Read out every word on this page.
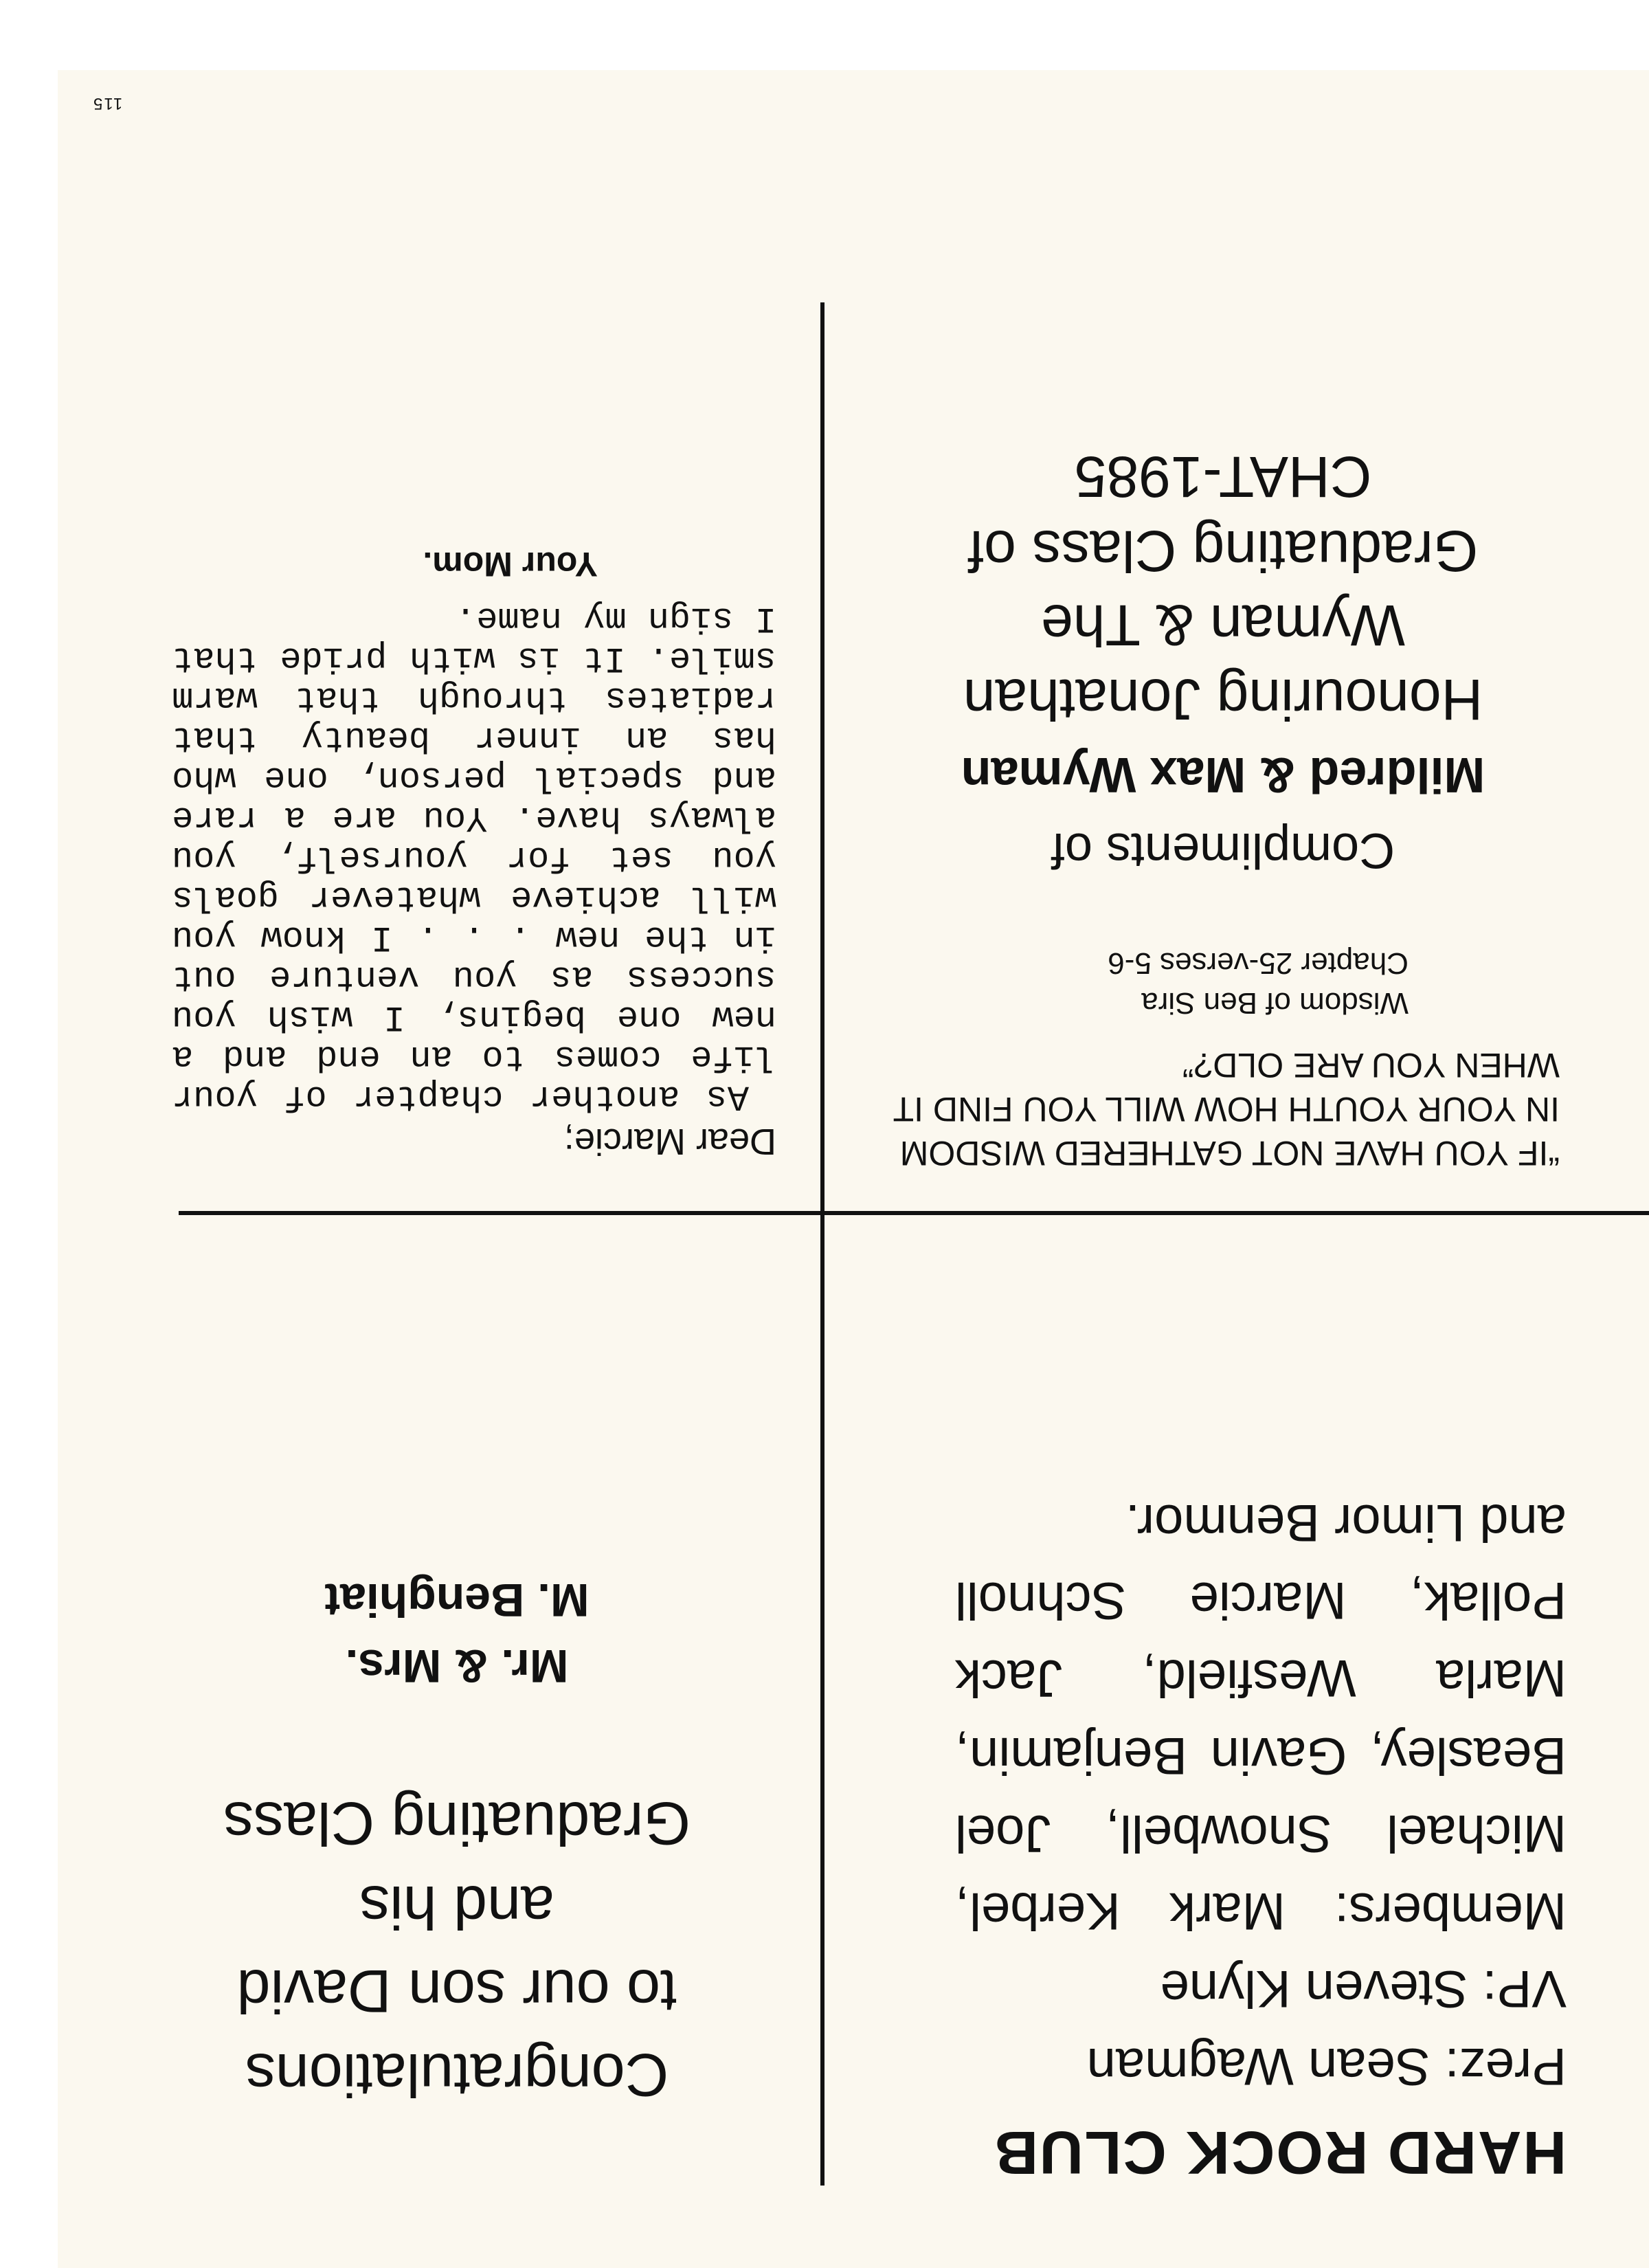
HARD ROCK CLUB
Prez: Sean Wagman
VP: Steven Klyne
Members: Mark Kerbel, Michael Snowbell, Joel Beasley, Gavin Benjamin, Marla Wesfield, Jack Pollak, Marcie Schnoll and Limor Benmor.
Congratulations
to our son David
and his
Graduating Class
Mr. & Mrs.
M. Benghiat
“IF YOU HAVE NOT GATHERED WISDOM IN YOUR YOUTH HOW WILL YOU FIND IT WHEN YOU ARE OLD?”
Wisdom of Ben Sira
Chapter 25-verses 5-6
Compliments of
Mildred & Max Wyman
Honouring Jonathan
Wyman & The
Graduating Class of
CHAT-1985
Dear Marcie;
As another chapter of your life comes to an end and a new one begins, I wish you success as you venture out in the new . . . I know you will achieve whatever goals you set for yourself, you always have. You are a rare and special person, one who has an inner beauty that radiates through that warm smile. It is with pride that I sign my name.
Your Mom.
115
